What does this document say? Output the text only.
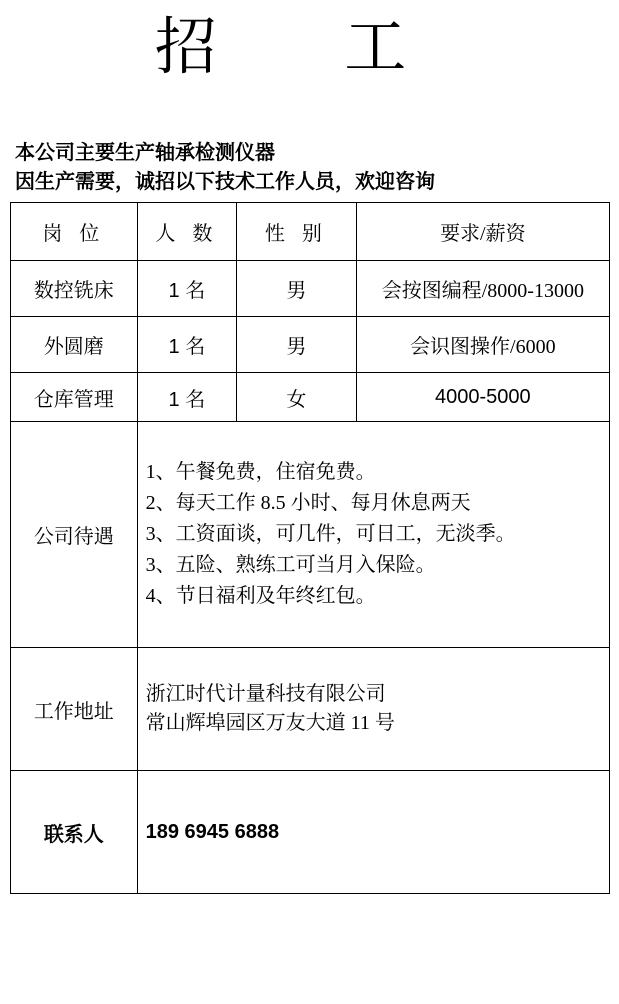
招 工
本公司主要生产轴承检测仪器
因生产需要，诚招以下技术工作人员，欢迎咨询
岗 位	人 数	性 别	要求/薪资
数控铣床	1 名	男	会按图编程/8000-13000
外圆磨	1 名	男	会识图操作/6000
仓库管理	1 名	女	4000-5000
公司待遇	1、午餐免费，住宿免费。
2、每天工作 8.5 小时、每月休息两天
3、工资面谈，可几件，可日工，无淡季。
3、五险、熟练工可当月入保险。
4、节日福利及年终红包。		

工作地址	浙江时代计量科技有限公司
常山辉埠园区万友大道 11 号		

联系人	189 6945 6888		
